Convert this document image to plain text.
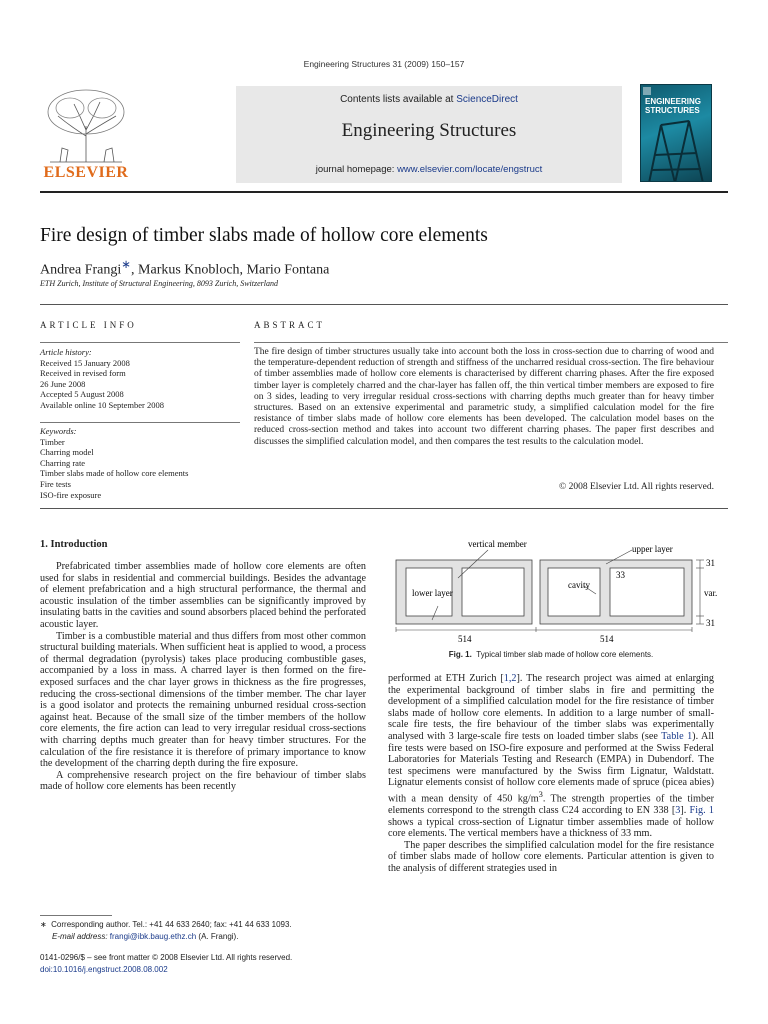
Engineering Structures 31 (2009) 150–157
ELSEVIER
Contents lists available at ScienceDirect
Engineering Structures
journal homepage: www.elsevier.com/locate/engstruct
ENGINEERING
STRUCTURES
Fire design of timber slabs made of hollow core elements
Andrea Frangi∗, Markus Knobloch, Mario Fontana
ETH Zurich, Institute of Structural Engineering, 8093 Zurich, Switzerland
ARTICLE INFO
Article history:
Received 15 January 2008
Received in revised form
26 June 2008
Accepted 5 August 2008
Available online 10 September 2008
Keywords:
Timber
Charring model
Charring rate
Timber slabs made of hollow core elements
Fire tests
ISO-fire exposure
ABSTRACT
The fire design of timber structures usually take into account both the loss in cross-section due to charring of wood and the temperature-dependent reduction of strength and stiffness of the uncharred residual cross-section. The fire behaviour of timber assemblies made of hollow core elements is characterised by different charring phases. After the fire exposed timber layer is completely charred and the char-layer has fallen off, the thin vertical timber members are exposed to fire on 3 sides, leading to very irregular residual cross-sections with charring depths much greater than for heavy timber structures. Based on an extensive experimental and parametric study, a simplified calculation model for the fire resistance of timber slabs made of hollow core elements has been developed. The calculation model bases on the reduced cross-section method and takes into account two different charring phases. The paper first describes and discusses the simplified calculation model, and then compares the test results to the calculation model.
© 2008 Elsevier Ltd. All rights reserved.
1. Introduction

Prefabricated timber assemblies made of hollow core elements are often used for slabs in residential and commercial buildings. Besides the advantage of element prefabrication and a high structural performance, the thermal and acoustic insulation of the timber assemblies can be significantly improved by insulating batts in the cavities and sound absorbers placed behind the perforated acoustic layer.

Timber is a combustible material and thus differs from most other common structural building materials. When sufficient heat is applied to wood, a process of thermal degradation (pyrolysis) takes place producing combustible gases, accompanied by a loss in mass. A charred layer is then formed on the fire-exposed surfaces and the char layer grows in thickness as the fire progresses, reducing the cross-sectional dimensions of the timber member. The char layer is a good isolator and protects the remaining unburned residual cross-section against heat. Because of the small size of the timber members of the hollow core elements, the fire action can lead to very irregular residual cross-sections with charring depths much greater than for heavy timber structures. For the calculation of the fire resistance it is therefore of primary importance to know the development of the charring depth during the fire exposure.

A comprehensive research project on the fire behaviour of timber slabs made of hollow core elements has been recently

vertical member	upper layer
cavity
33
lower layer
514	514
31
var.
31
Fig. 1. Typical timber slab made of hollow core elements.

performed at ETH Zurich [1,2]. The research project was aimed at enlarging the experimental background of timber slabs in fire and permitting the development of a simplified calculation model for the fire resistance of timber slabs made of hollow core elements. In addition to a large number of small-scale fire tests, the fire behaviour of the timber slabs was experimentally analysed with 3 large-scale fire tests on loaded timber slabs (see Table 1). All fire tests were based on ISO-fire exposure and performed at the Swiss Federal Laboratories for Materials Testing and Research (EMPA) in Dubendorf. The test specimens were manufactured by the Swiss firm Lignatur, Waldstatt. Lignatur elements consist of hollow core elements made of spruce (picea abies) with a mean density of 450 $kg/m^3$. The strength properties of the timber elements correspond to the strength class C24 according to EN 338 [3]. Fig. 1 shows a typical cross-section of Lignatur timber assemblies made of hollow core elements. The vertical members have a thickness of 33 mm.

The paper describes the simplified calculation model for the fire resistance of timber slabs made of hollow core elements. Particular attention is given to the analysis of different strategies used in

∗ Corresponding author. Tel.: +41 44 633 2640; fax: +41 44 633 1093.
E-mail address: frangi@ibk.baug.ethz.ch (A. Frangi).
0141-0296/$ – see front matter © 2008 Elsevier Ltd. All rights reserved.
doi:10.1016/j.engstruct.2008.08.002
